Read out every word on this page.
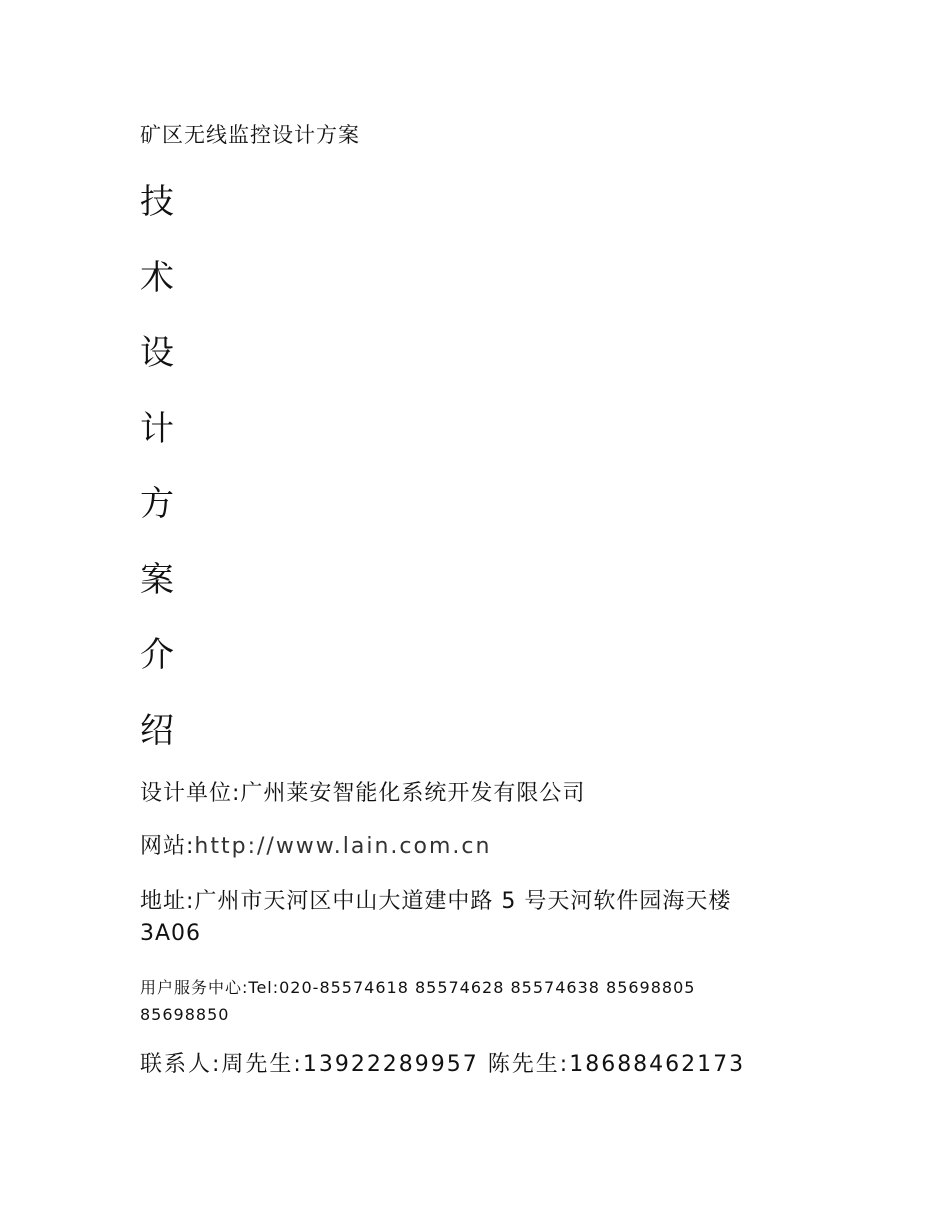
矿区无线监控设计方案
技
术
设
计
方
案
介
绍
设计单位:广州莱安智能化系统开发有限公司
网站:http://www.lain.com.cn
地址:广州市天河区中山大道建中路 5 号天河软件园海天楼
3A06
用户服务中心:Tel:020-85574618 85574628 85574638 85698805
85698850
联系人:周先生:13922289957 陈先生:18688462173
